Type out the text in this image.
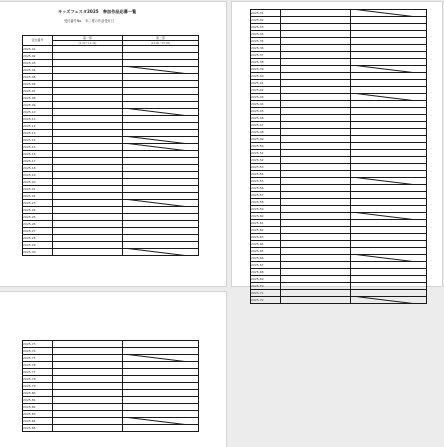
キッズフェスタ2025　参加作品応募一覧
受付番号No.　年二度の作品受付日
受付番号	第一部	第二部
	(9:30〜11:30)	(13:00〜15:00)

2025-01		

2025-02		

2025-03		

2025-04		

2025-05		

2025-06		

2025-07		

2025-08		

2025-09		

2025-10		

2025-11		

2025-12		

2025-13		

2025-14		

2025-15		

2025-16		

2025-17		

2025-18		

2025-19		

2025-20		

2025-21		

2025-22		

2025-23		

2025-24		

2025-25		

2025-26		

2025-27		

2025-28		

2025-29		

2025-30		

2025-31		

2025-32		

2025-33		

2025-34		

2025-35		

2025-36		

2025-37		

2025-38		

2025-39		

2025-40		

2025-41		

2025-42		

2025-43		

2025-44		

2025-45		

2025-46		

2025-47		

2025-48		

2025-49		

2025-50		

2025-51		

2025-52		

2025-53		

2025-54		

2025-55		

2025-56		

2025-57		

2025-58		

2025-59		

2025-60		

2025-61		

2025-62		

2025-63		

2025-64		

2025-65		

2025-66		

2025-67		

2025-68		

2025-69		

2025-70		

2025-71		

2025-72		

2025-73		

2025-74		

2025-75		

2025-76		

2025-77		

2025-78		

2025-79		

2025-80		

2025-81		

2025-82		

2025-83		

2025-84		

2025-85		
